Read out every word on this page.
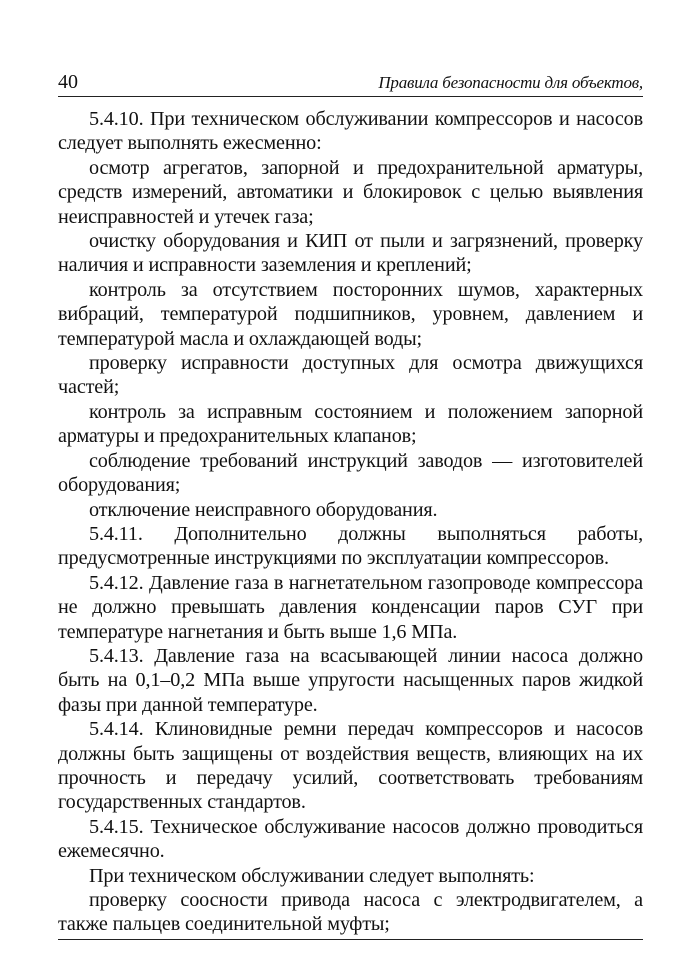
40	Правила безопасности для объектов,

5.4.10. При техническом обслуживании компрессоров и насосов следует выполнять ежесменно:

осмотр агрегатов, запорной и предохранительной арматуры, средств измерений, автоматики и блокировок с целью выявления неисправностей и утечек газа;

очистку оборудования и КИП от пыли и загрязнений, проверку наличия и исправности заземления и креплений;

контроль за отсутствием посторонних шумов, характерных вибраций, температурой подшипников, уровнем, давлением и температурой масла и охлаждающей воды;

проверку исправности доступных для осмотра движущихся частей;

контроль за исправным состоянием и положением запорной арматуры и предохранительных клапанов;

соблюдение требований инструкций заводов — изготовителей оборудования;

отключение неисправного оборудования.

5.4.11. Дополнительно должны выполняться работы, предусмотренные инструкциями по эксплуатации компрессоров.

5.4.12. Давление газа в нагнетательном газопроводе компрессора не должно превышать давления конденсации паров СУГ при температуре нагнетания и быть выше 1,6 МПа.

5.4.13. Давление газа на всасывающей линии насоса должно быть на 0,1–0,2 МПа выше упругости насыщенных паров жидкой фазы при данной температуре.

5.4.14. Клиновидные ремни передач компрессоров и насосов должны быть защищены от воздействия веществ, влияющих на их прочность и передачу усилий, соответствовать требованиям государственных стандартов.

5.4.15. Техническое обслуживание насосов должно проводиться ежемесячно.

При техническом обслуживании следует выполнять:

проверку соосности привода насоса с электродвигателем, а также пальцев соединительной муфты;
